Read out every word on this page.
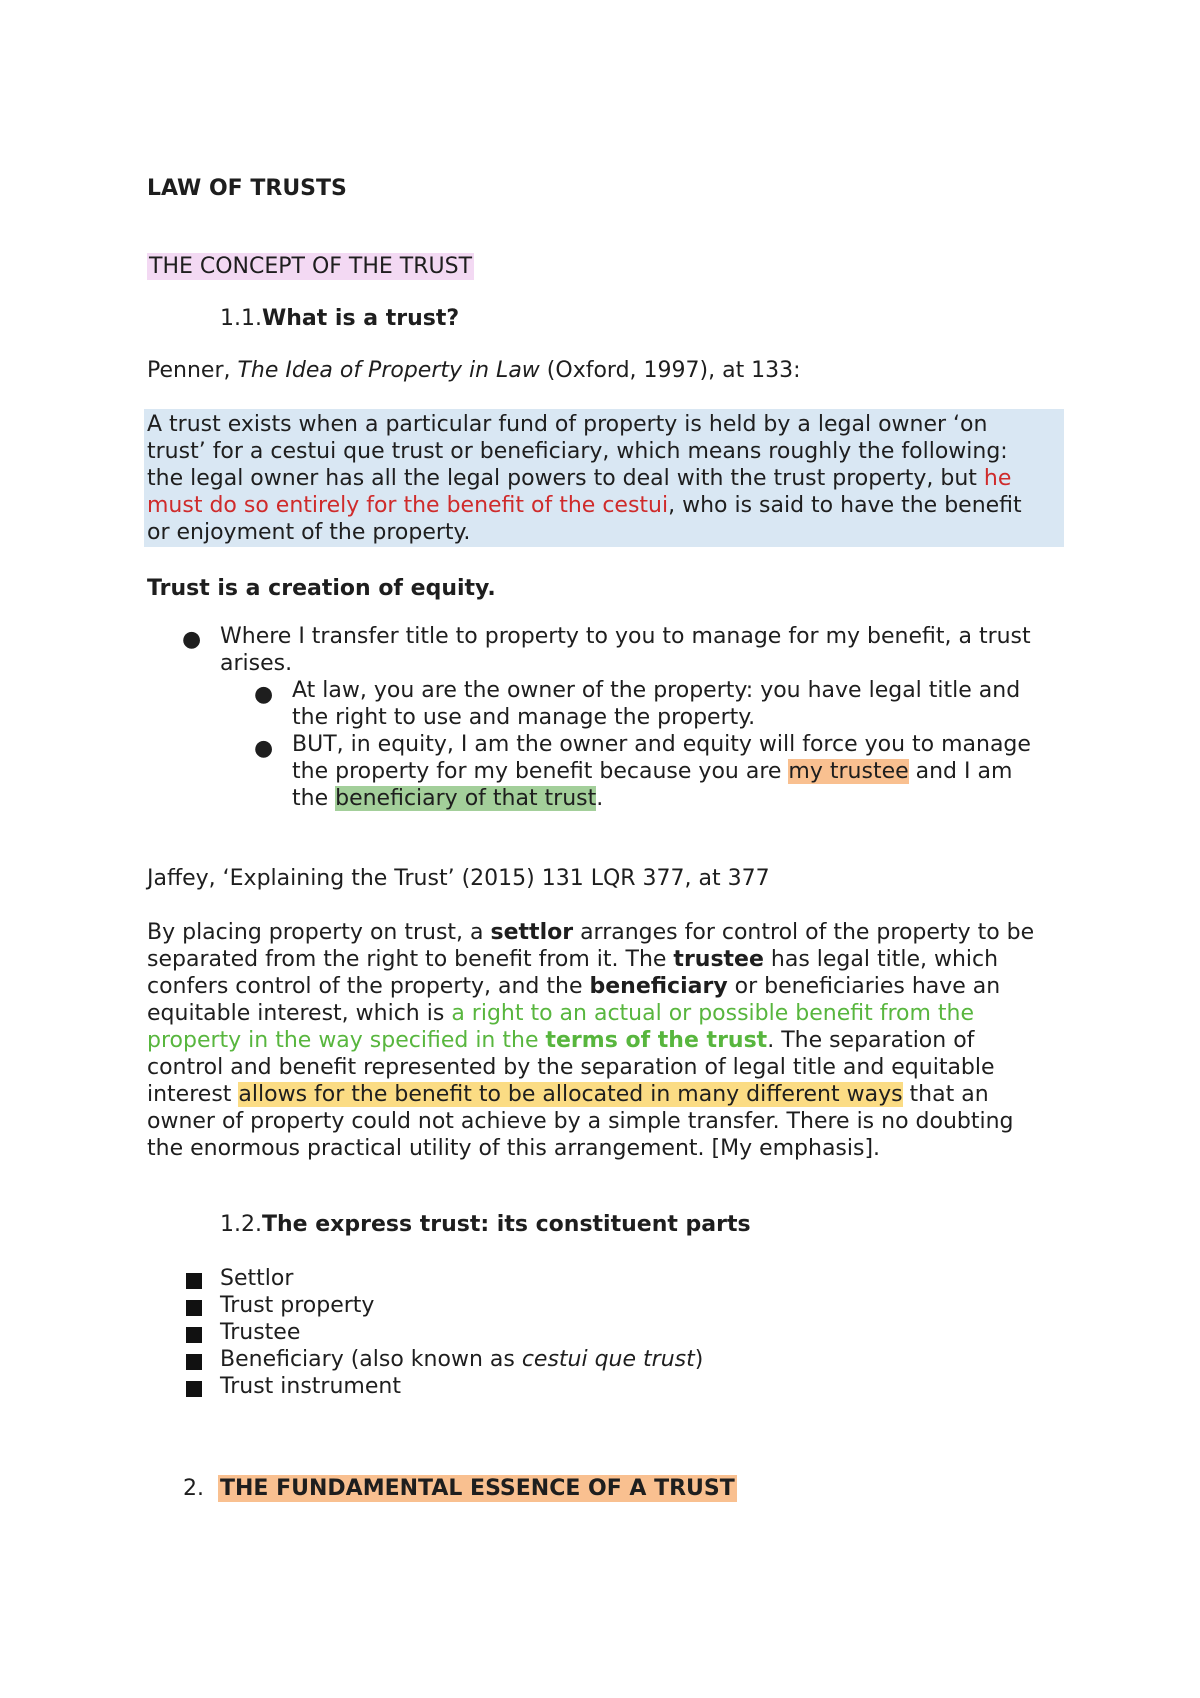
LAW OF TRUSTS
THE CONCEPT OF THE TRUST
1.1.What is a trust?
Penner, The Idea of Property in Law (Oxford, 1997), at 133:
A trust exists when a particular fund of property is held by a legal owner ‘on
trust’ for a cestui que trust or beneficiary, which means roughly the following:
the legal owner has all the legal powers to deal with the trust property, but he
must do so entirely for the benefit of the cestui, who is said to have the benefit
or enjoyment of the property.
Trust is a creation of equity.
● Where I transfer title to property to you to manage for my benefit, a trust
arises.
● At law, you are the owner of the property: you have legal title and
the right to use and manage the property.
● BUT, in equity, I am the owner and equity will force you to manage
the property for my benefit because you are my trustee and I am
the beneficiary of that trust.
Jaffey, ‘Explaining the Trust’ (2015) 131 LQR 377, at 377
By placing property on trust, a settlor arranges for control of the property to be
separated from the right to benefit from it. The trustee has legal title, which
confers control of the property, and the beneficiary or beneficiaries have an
equitable interest, which is a right to an actual or possible benefit from the
property in the way specified in the terms of the trust. The separation of
control and benefit represented by the separation of legal title and equitable
interest allows for the benefit to be allocated in many different ways that an
owner of property could not achieve by a simple transfer. There is no doubting
the enormous practical utility of this arrangement. [My emphasis].
1.2.The express trust: its constituent parts
Settlor
Trust property
Trustee
Beneficiary (also known as cestui que trust)
Trust instrument
2. THE FUNDAMENTAL ESSENCE OF A TRUST
